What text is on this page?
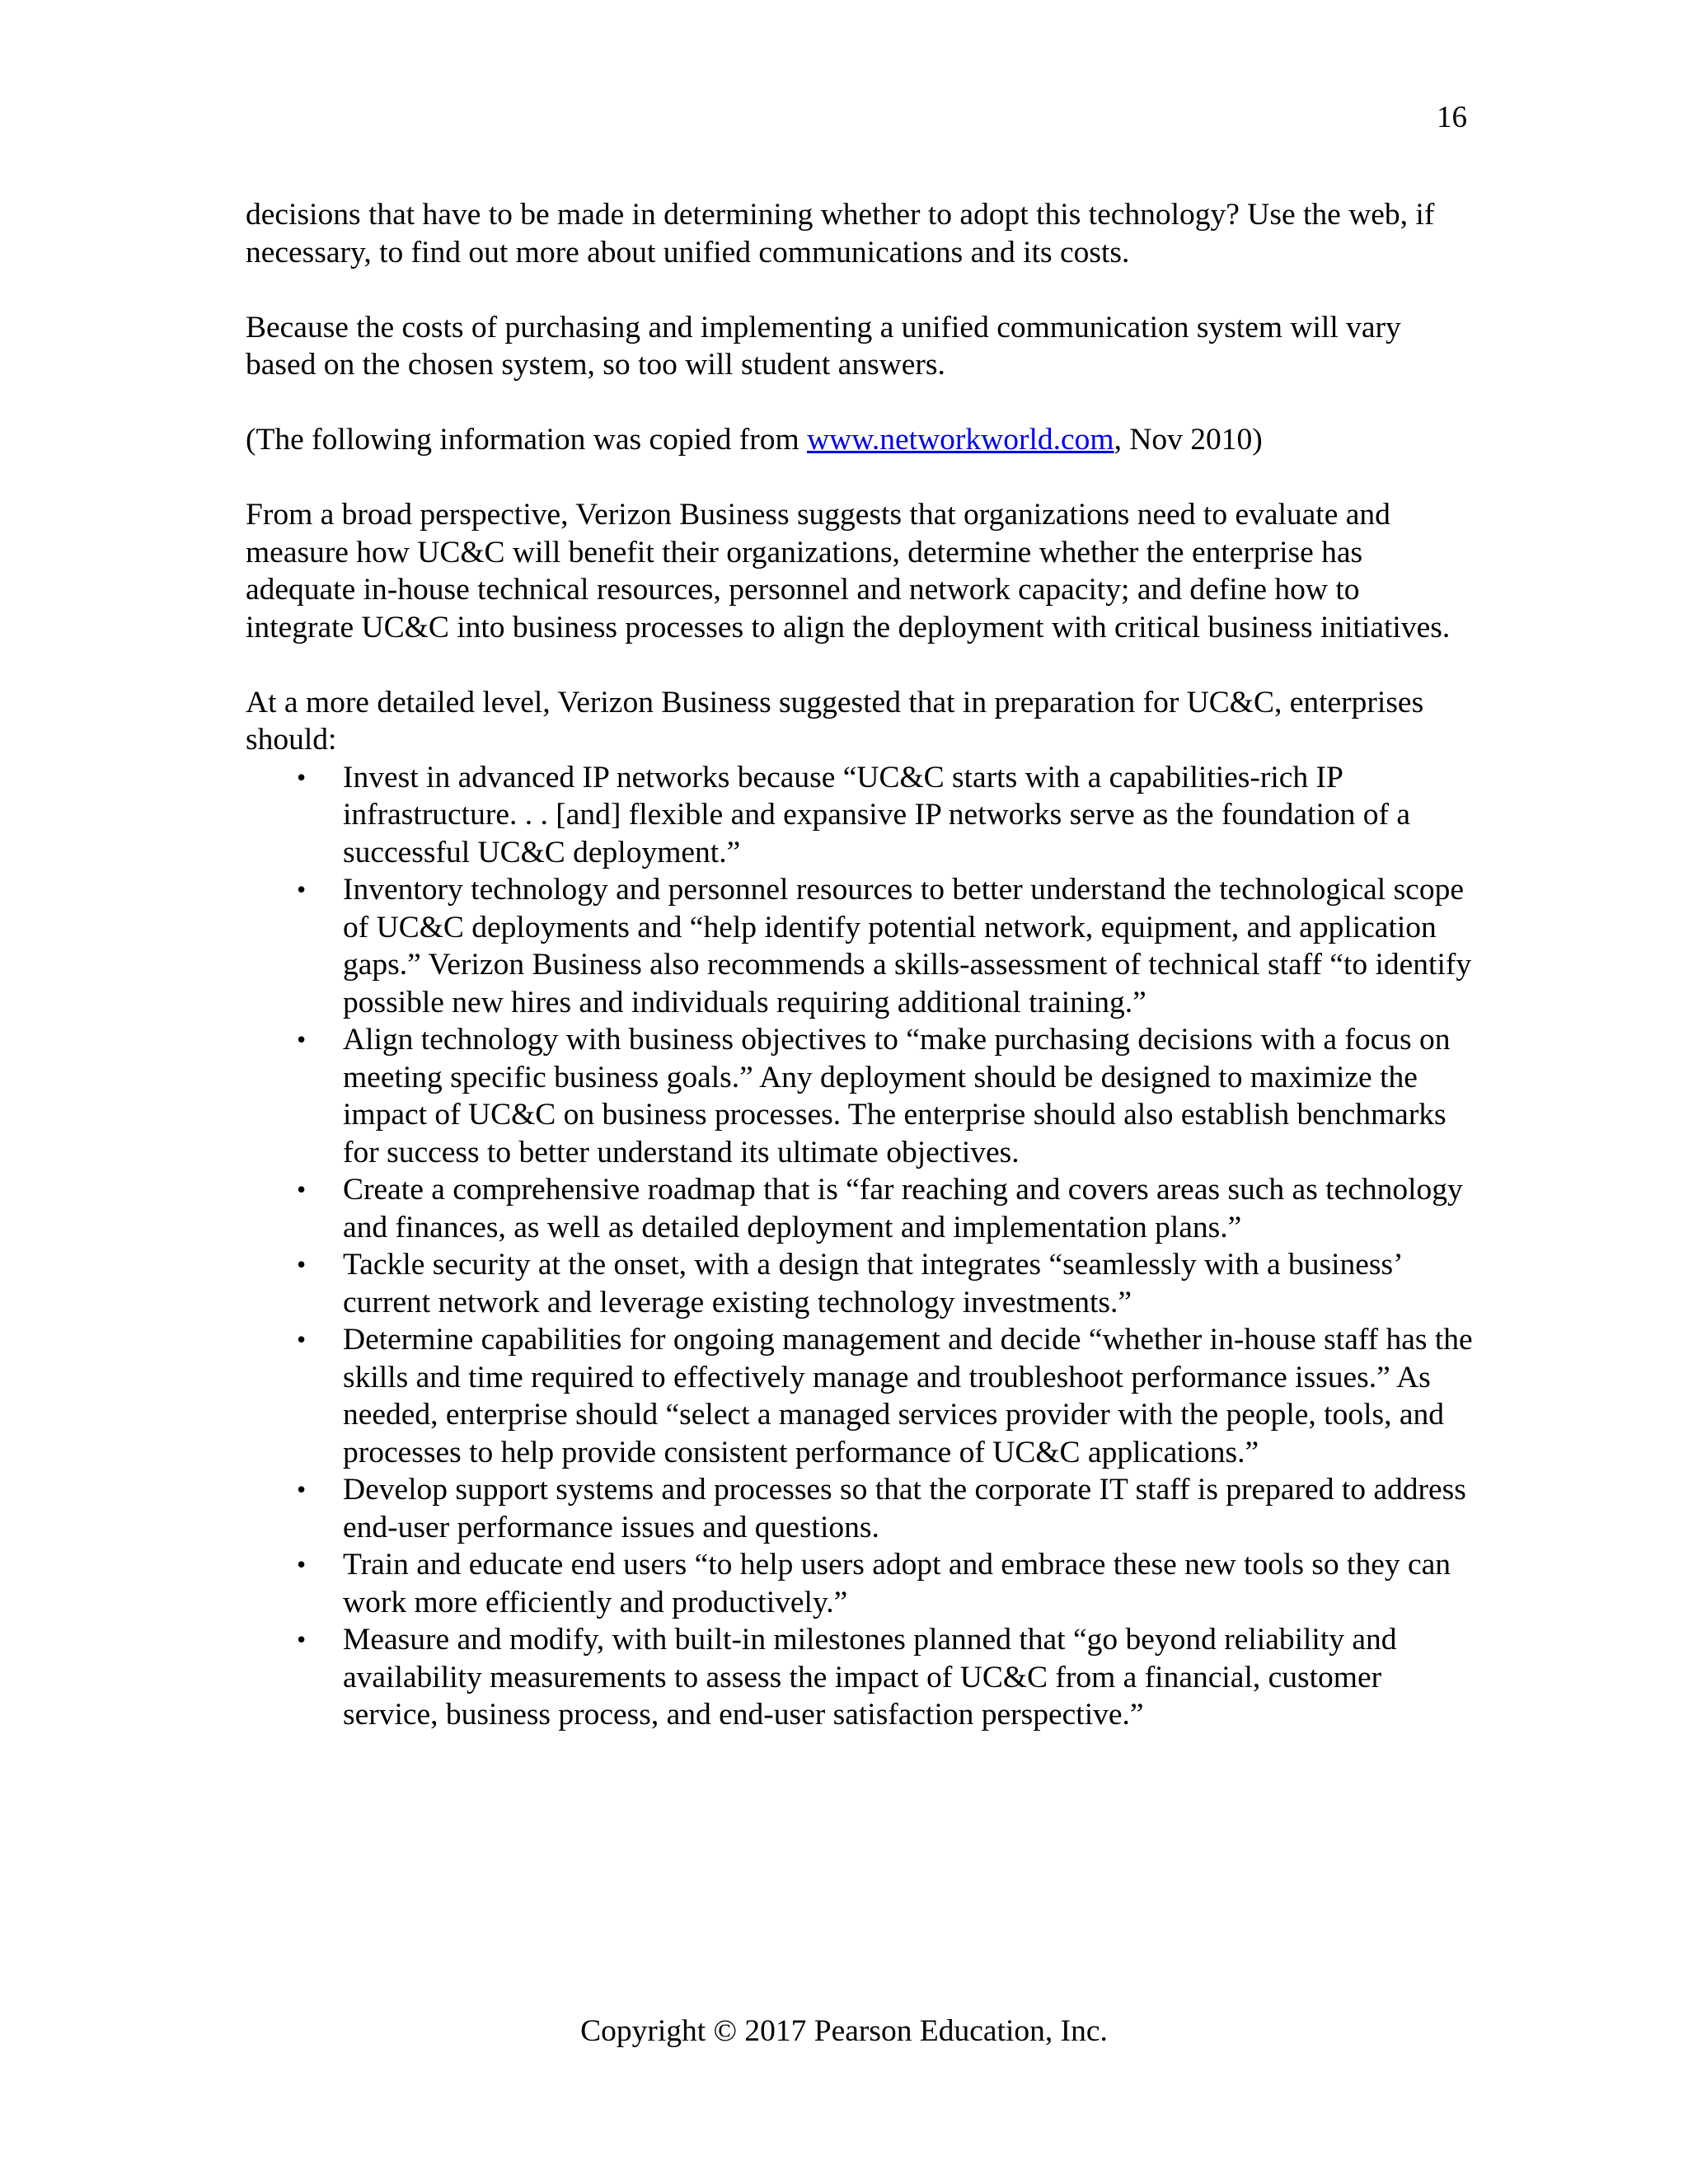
16

decisions that have to be made in determining whether to adopt this technology? Use the web, if necessary, to find out more about unified communications and its costs.

Because the costs of purchasing and implementing a unified communication system will vary based on the chosen system, so too will student answers.

(The following information was copied from www.networkworld.com, Nov 2010)

From a broad perspective, Verizon Business suggests that organizations need to evaluate and measure how UC&C will benefit their organizations, determine whether the enterprise has adequate in-house technical resources, personnel and network capacity; and define how to integrate UC&C into business processes to align the deployment with critical business initiatives.

At a more detailed level, Verizon Business suggested that in preparation for UC&C, enterprises should:

• Invest in advanced IP networks because “UC&C starts with a capabilities-rich IP infrastructure. . . [and] flexible and expansive IP networks serve as the foundation of a successful UC&C deployment.”
• Inventory technology and personnel resources to better understand the technological scope of UC&C deployments and “help identify potential network, equipment, and application gaps.” Verizon Business also recommends a skills-assessment of technical staff “to identify possible new hires and individuals requiring additional training.”
• Align technology with business objectives to “make purchasing decisions with a focus on meeting specific business goals.” Any deployment should be designed to maximize the impact of UC&C on business processes. The enterprise should also establish benchmarks for success to better understand its ultimate objectives.
• Create a comprehensive roadmap that is “far reaching and covers areas such as technology and finances, as well as detailed deployment and implementation plans.”
• Tackle security at the onset, with a design that integrates “seamlessly with a business’ current network and leverage existing technology investments.”
• Determine capabilities for ongoing management and decide “whether in-house staff has the skills and time required to effectively manage and troubleshoot performance issues.” As needed, enterprise should “select a managed services provider with the people, tools, and processes to help provide consistent performance of UC&C applications.”
• Develop support systems and processes so that the corporate IT staff is prepared to address end-user performance issues and questions.
• Train and educate end users “to help users adopt and embrace these new tools so they can work more efficiently and productively.”
• Measure and modify, with built-in milestones planned that “go beyond reliability and availability measurements to assess the impact of UC&C from a financial, customer service, business process, and end-user satisfaction perspective.”
Copyright © 2017 Pearson Education, Inc.
